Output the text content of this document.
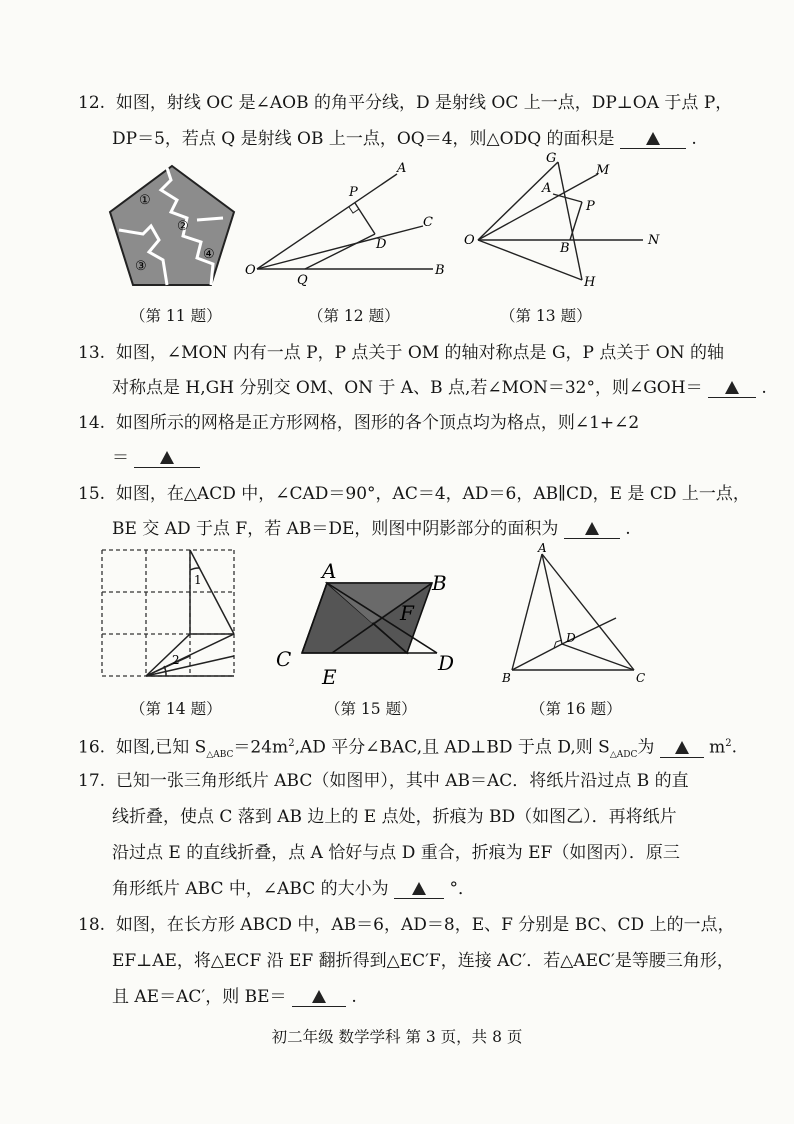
12. 如图，射线 OC 是∠AOB 的角平分线，D 是射线 OC 上一点，DP⊥OA 于点 P，
DP＝5，若点 Q 是射线 OB 上一点，OQ＝4，则△ODQ 的面积是	.
①
②
③
④
A
P
C
D
O
Q
B
G
M
A
P
O
B
N
H
（第 11 题）	（第 12 题）	（第 13 题）
13. 如图，∠MON 内有一点 P，P 点关于 OM 的轴对称点是 G，P 点关于 ON 的轴
对称点是 H,GH 分别交 OM、ON 于 A、B 点,若∠MON＝32°，则∠GOH＝	.
14. 如图所示的网格是正方形网格，图形的各个顶点均为格点，则∠1+∠2
＝
15. 如图，在△ACD 中，∠CAD＝90°，AC＝4，AD＝6，AB∥CD，E 是 CD 上一点，
BE 交 AD 于点 F，若 AB＝DE，则图中阴影部分的面积为	.
1
2
A	B
F
C	D
E
A
D
B	C
（第 14 题）	（第 15 题）	（第 16 题）
16. 如图,已知 $S_{\triangle ABC}=24m^2,AD$ 平分∠BAC,且 AD⊥BD 于点 D,则 $S_{\triangle ADC}$为	$m^2$.
17. 已知一张三角形纸片 ABC（如图甲），其中 AB＝AC．将纸片沿过点 B 的直
线折叠，使点 C 落到 AB 边上的 E 点处，折痕为 BD（如图乙）．再将纸片
沿过点 E 的直线折叠，点 A 恰好与点 D 重合，折痕为 EF（如图丙）．原三
角形纸片 ABC 中，∠ABC 的大小为	°．
18. 如图，在长方形 ABCD 中，AB＝6，AD＝8，E、F 分别是 BC、CD 上的一点，
EF⊥AE，将△ECF 沿 EF 翻折得到△EC′F，连接 AC′．若△AEC′是等腰三角形，
且 AE＝AC′，则 BE＝	.
初二年级 数学学科 第 3 页，共 8 页
